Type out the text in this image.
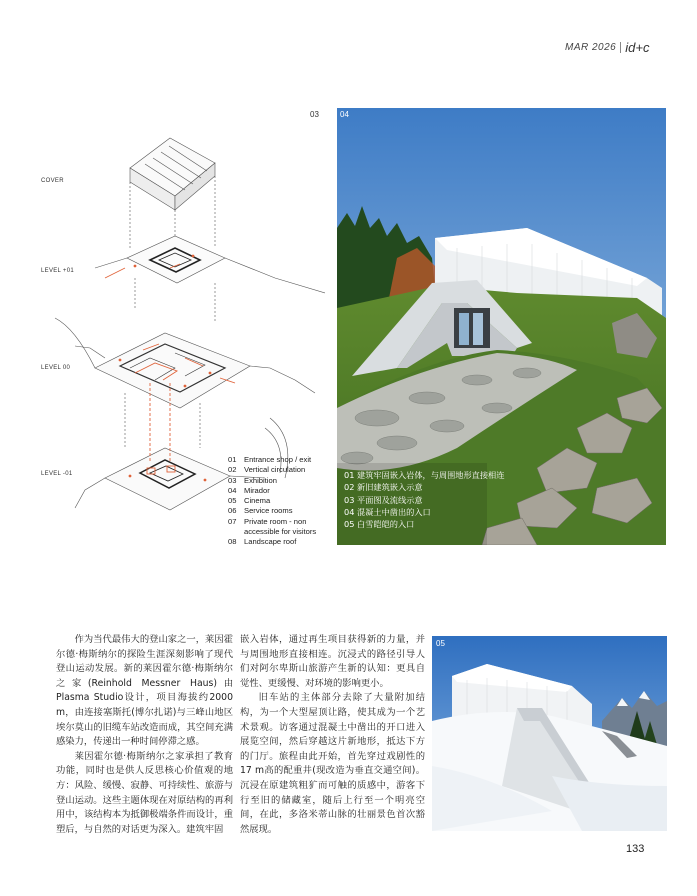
MAR 2026 id+c
03
COVER
LEVEL +01
LEVEL 00
LEVEL -01
01 Entrance shop / exit
02 Vertical circulation
03 Exhibition
04 Mirador
05 Cinema
06 Service rooms
07 Private room - non
accessible for visitors
08 Landscape roof
04
01 建筑牢固嵌入岩体，与周围地形直接相连
02 新旧建筑嵌入示意
03 平面图及流线示意
04 混凝土中凿出的入口
05 白雪皑皑的入口

作为当代最伟大的登山家之一，莱因霍尔德·梅斯纳尔的探险生涯深刻影响了现代登山运动发展。新的莱因霍尔德·梅斯纳尔之家(Reinhold Messner Haus)由Plasma Studio设计，项目海拔约2000 m，由连接塞斯托(博尔扎诺)与三峰山地区埃尔莫山的旧缆车站改造而成，其空间充满感染力，传递出一种时间停滞之感。

莱因霍尔德·梅斯纳尔之家承担了教育功能，同时也是供人反思核心价值观的地方：风险、缓慢、寂静、可持续性、旅游与登山运动。这些主题体现在对原结构的再利用中，该结构本为抵御极端条件而设计，重塑后，与自然的对话更为深入。建筑牢固

嵌入岩体，通过再生项目获得新的力量，并与周围地形直接相连。沉浸式的路径引导人们对阿尔卑斯山旅游产生新的认知：更具自觉性、更缓慢、对环境的影响更小。

旧车站的主体部分去除了大量附加结构，为一个大型屋顶让路，使其成为一个艺术景观。访客通过混凝土中凿出的开口进入展览空间，然后穿越这片新地形，抵达下方的门厅。旅程由此开始，首先穿过戏剧性的17 m高的配重井(现改造为垂直交通空间)。沉浸在原建筑粗犷而可触的质感中，游客下行至旧的储藏室，随后上行至一个明亮空间，在此，多洛米蒂山脉的壮丽景色首次豁然展现。

05
133
